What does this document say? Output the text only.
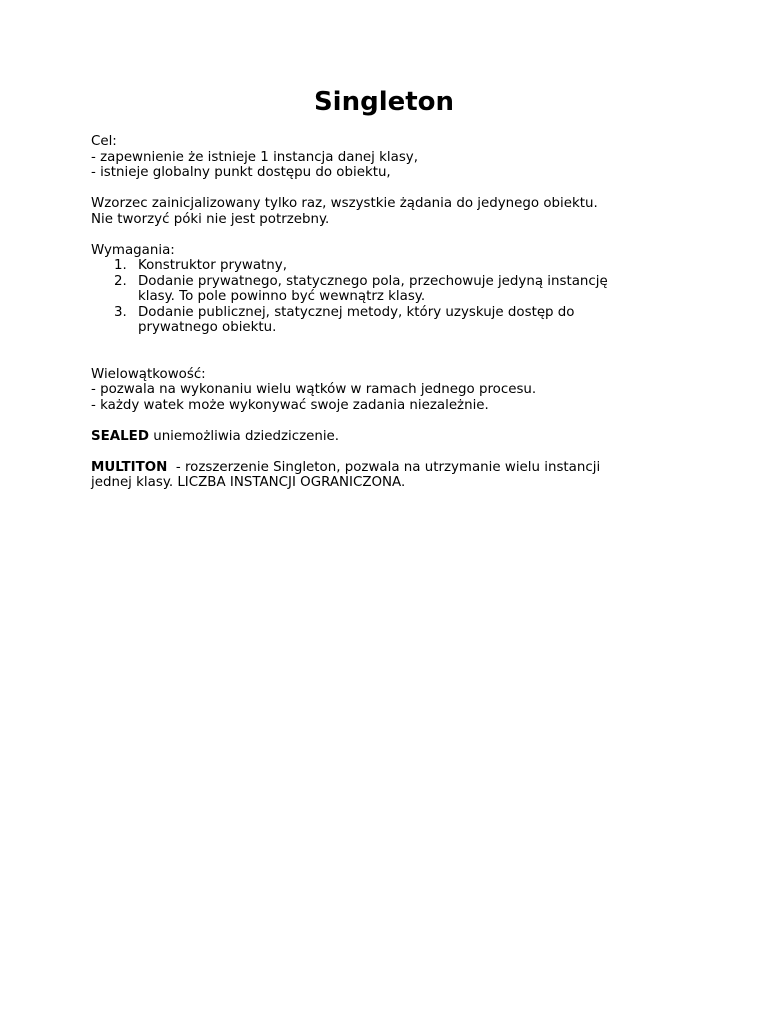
Singleton
Cel:
- zapewnienie że istnieje 1 instancja danej klasy,
- istnieje globalny punkt dostępu do obiektu,
Wzorzec zainicjalizowany tylko raz, wszystkie żądania do jedynego obiektu.
Nie tworzyć póki nie jest potrzebny.
Wymagania:
1. Konstruktor prywatny,
2. Dodanie prywatnego, statycznego pola, przechowuje jedyną instancję
klasy. To pole powinno być wewnątrz klasy.
3. Dodanie publicznej, statycznej metody, który uzyskuje dostęp do
prywatnego obiektu.
Wielowątkowość:
- pozwala na wykonaniu wielu wątków w ramach jednego procesu.
- każdy watek może wykonywać swoje zadania niezależnie.
SEALED uniemożliwia dziedziczenie.
MULTITON  - rozszerzenie Singleton, pozwala na utrzymanie wielu instancji
jednej klasy. LICZBA INSTANCJI OGRANICZONA.
